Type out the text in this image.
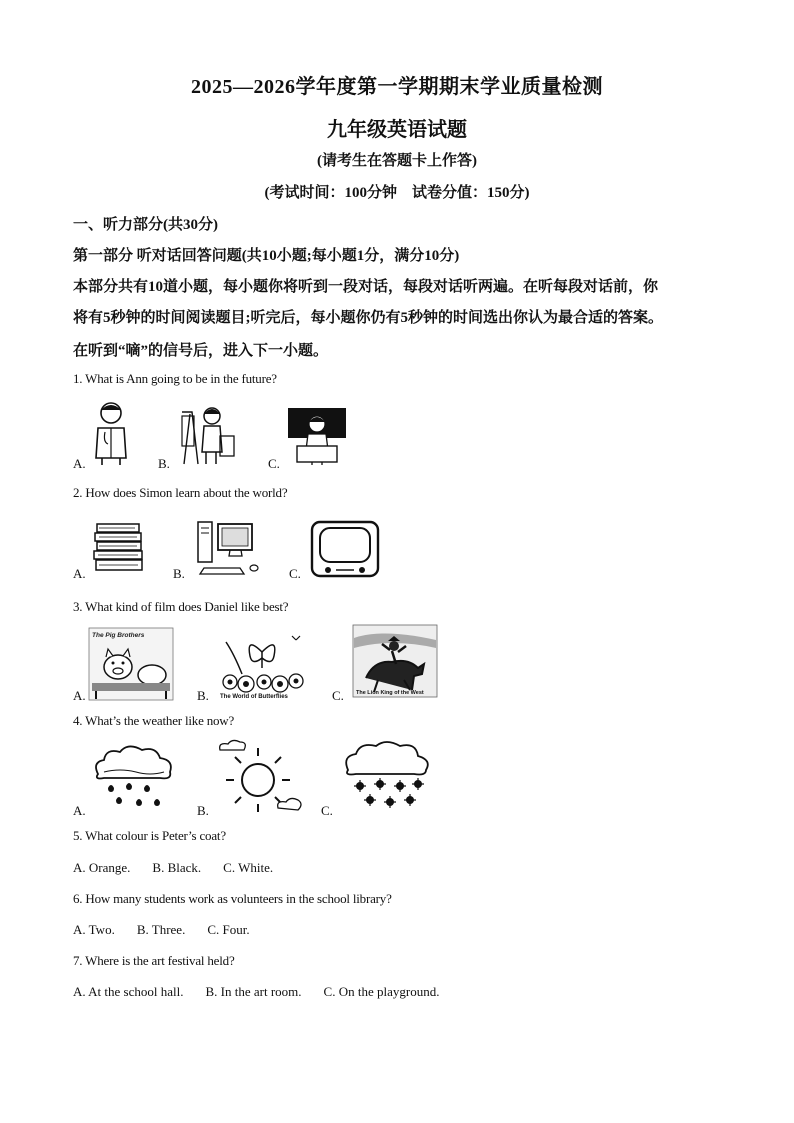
2025—2026学年度第一学期期末学业质量检测
九年级英语试题
(请考生在答题卡上作答)
(考试时间：100分钟　试卷分值：150分)
一、听力部分(共30分)
第一部分 听对话回答问题(共10小题;每小题1分，满分10分)
本部分共有10道小题，每小题你将听到一段对话，每段对话听两遍。在听每段对话前，你
将有5秒钟的时间阅读题目;听完后，每小题你仍有5秒钟的时间选出你认为最合适的答案。
在听到“嘀”的信号后，进入下一小题。
1. What is Ann going to be in the future?
A.	B.	C.
2. How does Simon learn about the world?
A.	B.	C.
3. What kind of film does Daniel like best?
A.
The Pig Brothers
B. The World of Butterflies	C. The Lion King of the West
4. What’s the weather like now?
A.	B.	C.
5. What colour is Peter’s coat?
A. Orange. B. Black. C. White.
6. How many students work as volunteers in the school library?
A. Two. B. Three. C. Four.
7. Where is the art festival held?
A. At the school hall. B. In the art room. C. On the playground.
